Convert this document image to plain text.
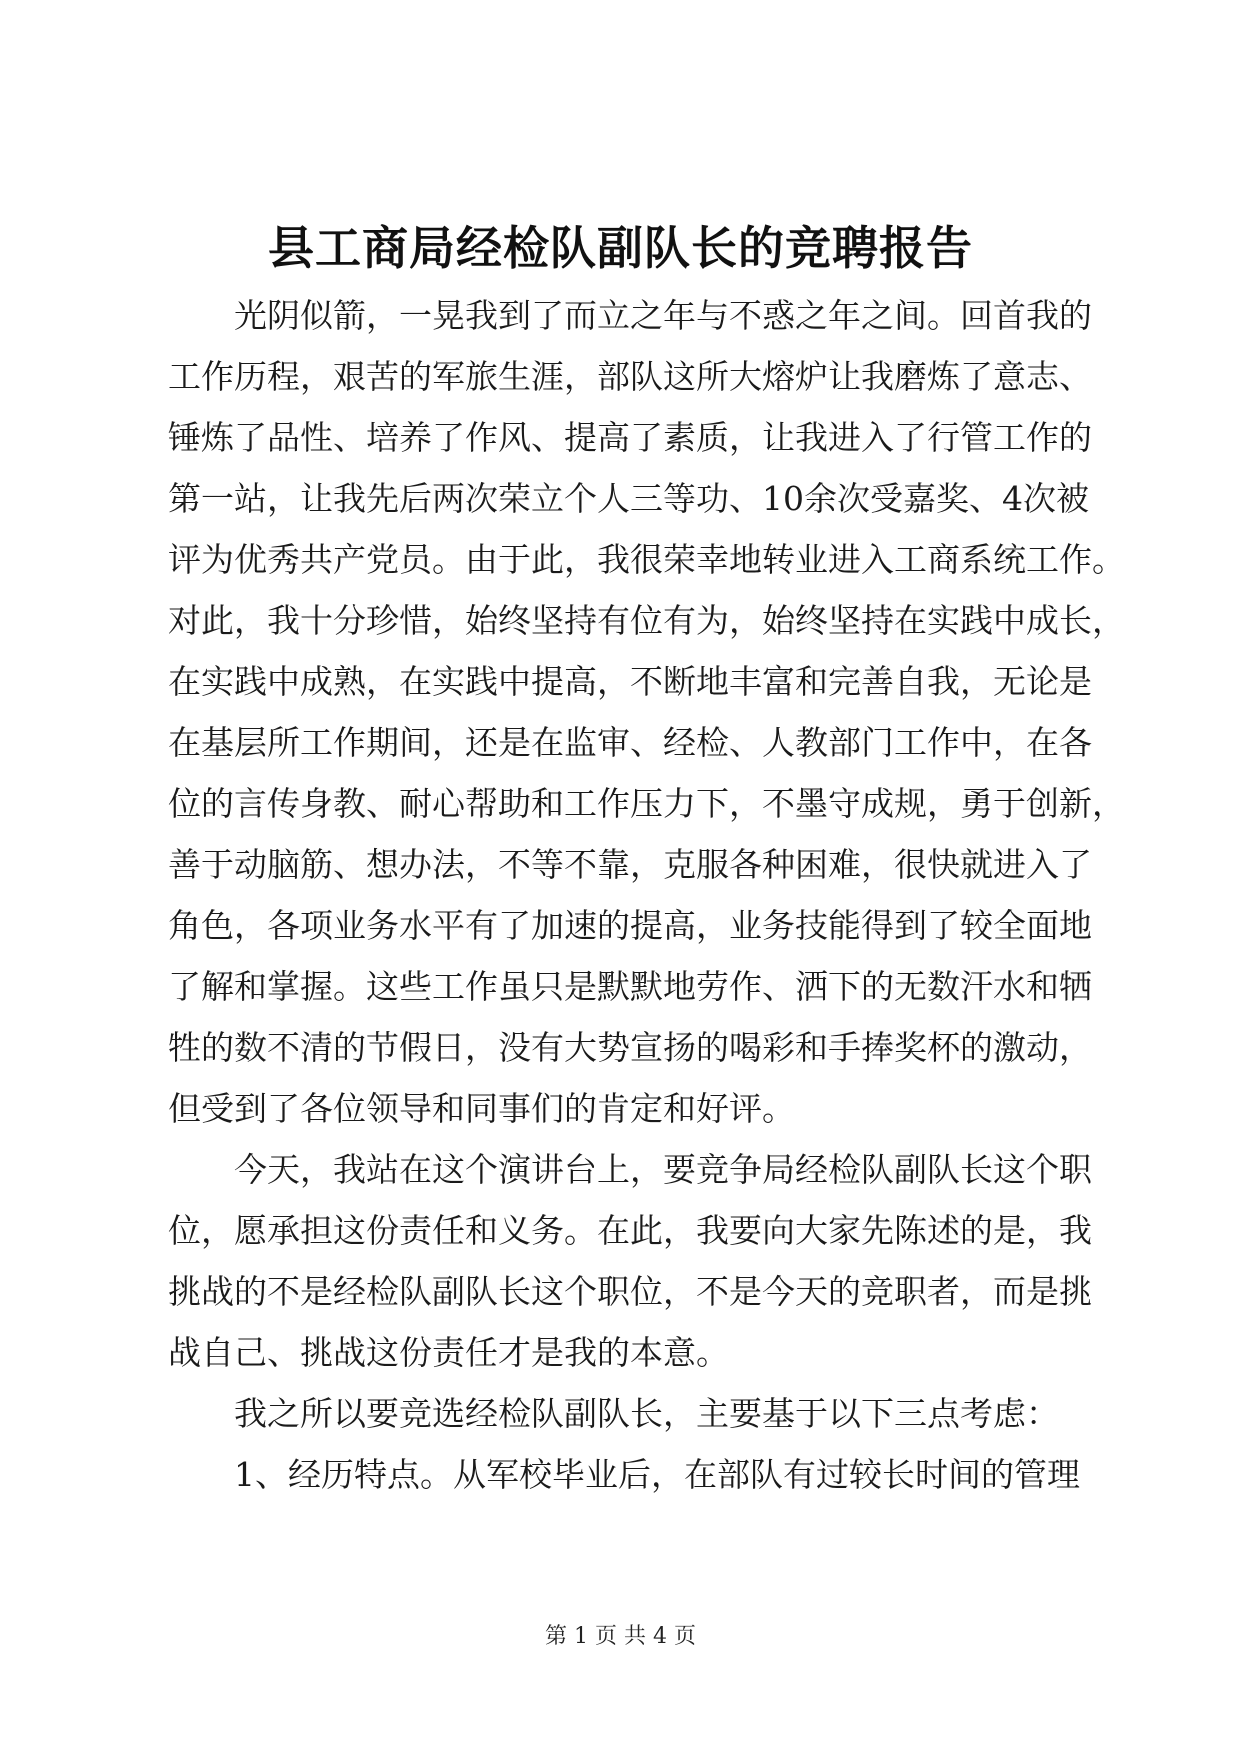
县工商局经检队副队长的竞聘报告
光阴似箭，一晃我到了而立之年与不惑之年之间。回首我的
工作历程，艰苦的军旅生涯，部队这所大熔炉让我磨炼了意志、
锤炼了品性、培养了作风、提高了素质，让我进入了行管工作的
第一站，让我先后两次荣立个人三等功、10余次受嘉奖、4次被
评为优秀共产党员。由于此，我很荣幸地转业进入工商系统工作。
对此，我十分珍惜，始终坚持有位有为，始终坚持在实践中成长，
在实践中成熟，在实践中提高，不断地丰富和完善自我，无论是
在基层所工作期间，还是在监审、经检、人教部门工作中，在各
位的言传身教、耐心帮助和工作压力下，不墨守成规，勇于创新，
善于动脑筋、想办法，不等不靠，克服各种困难，很快就进入了
角色，各项业务水平有了加速的提高，业务技能得到了较全面地
了解和掌握。这些工作虽只是默默地劳作、洒下的无数汗水和牺
牲的数不清的节假日，没有大势宣扬的喝彩和手捧奖杯的激动，
但受到了各位领导和同事们的肯定和好评。
今天，我站在这个演讲台上，要竞争局经检队副队长这个职
位，愿承担这份责任和义务。在此，我要向大家先陈述的是，我
挑战的不是经检队副队长这个职位，不是今天的竞职者，而是挑
战自己、挑战这份责任才是我的本意。
我之所以要竞选经检队副队长，主要基于以下三点考虑：
1、经历特点。从军校毕业后，在部队有过较长时间的管理
第 1 页 共 4 页
